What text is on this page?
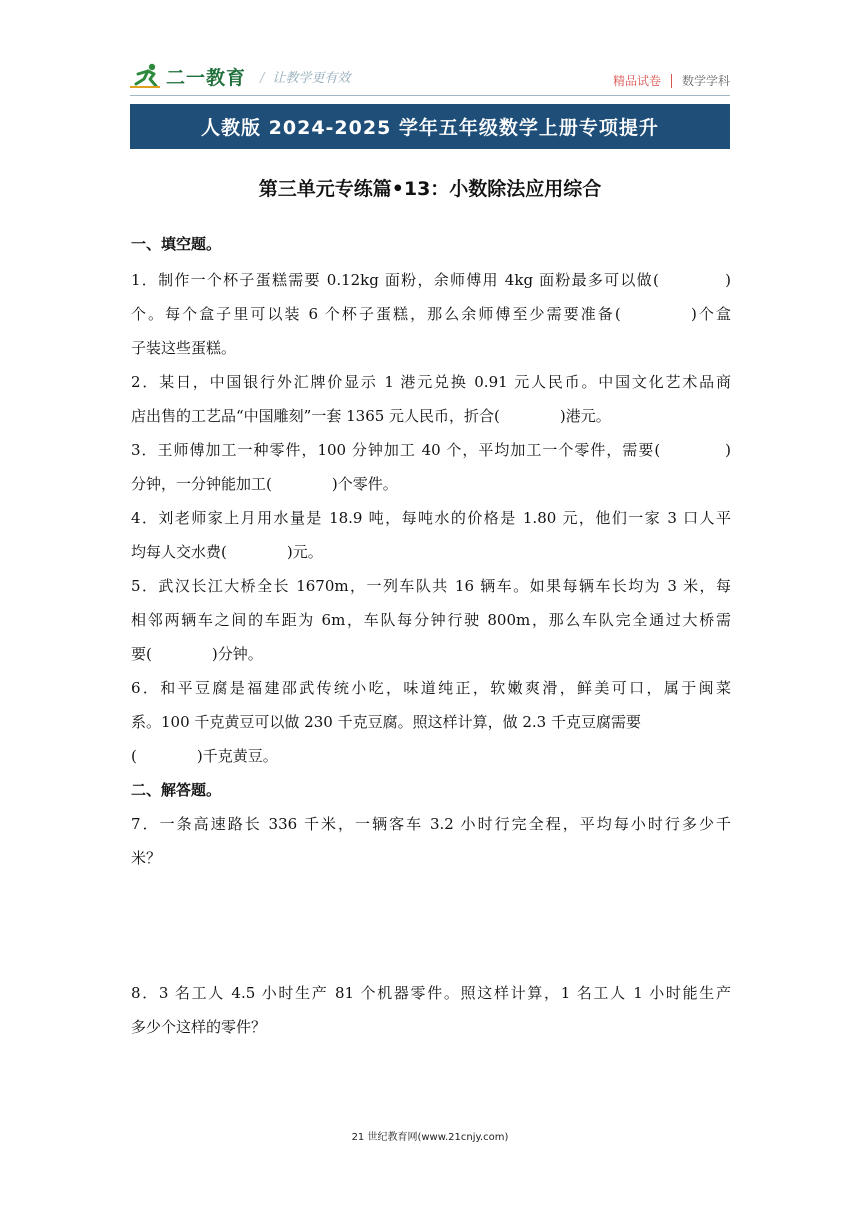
二一教育 / 让教学更有效	精品试卷 数学学科
人教版 2024-2025 学年五年级数学上册专项提升
第三单元专练篇•13：小数除法应用综合
一、填空题。
1．制作一个杯子蛋糕需要 0.12kg 面粉，余师傅用 4kg 面粉最多可以做(　　　　)
个。每个盒子里可以装 6 个杯子蛋糕，那么余师傅至少需要准备(　　　　)个盒
子装这些蛋糕。
2．某日，中国银行外汇牌价显示 1 港元兑换 0.91 元人民币。中国文化艺术品商
店出售的工艺品“中国雕刻”一套 1365 元人民币，折合(　　　　)港元。
3．王师傅加工一种零件，100 分钟加工 40 个，平均加工一个零件，需要(　　　　)
分钟，一分钟能加工(　　　　)个零件。
4．刘老师家上月用水量是 18.9 吨，每吨水的价格是 1.80 元，他们一家 3 口人平
均每人交水费(　　　　)元。
5．武汉长江大桥全长 1670m，一列车队共 16 辆车。如果每辆车长均为 3 米，每
相邻两辆车之间的车距为 6m，车队每分钟行驶 800m，那么车队完全通过大桥需
要(　　　　)分钟。
6．和平豆腐是福建邵武传统小吃，味道纯正，软嫩爽滑，鲜美可口，属于闽菜
系。100 千克黄豆可以做 230 千克豆腐。照这样计算，做 2.3 千克豆腐需要
(　　　　)千克黄豆。
二、解答题。
7．一条高速路长 336 千米，一辆客车 3.2 小时行完全程，平均每小时行多少千
米？
8．3 名工人 4.5 小时生产 81 个机器零件。照这样计算，1 名工人 1 小时能生产
多少个这样的零件？
21 世纪教育网(www.21cnjy.com)
